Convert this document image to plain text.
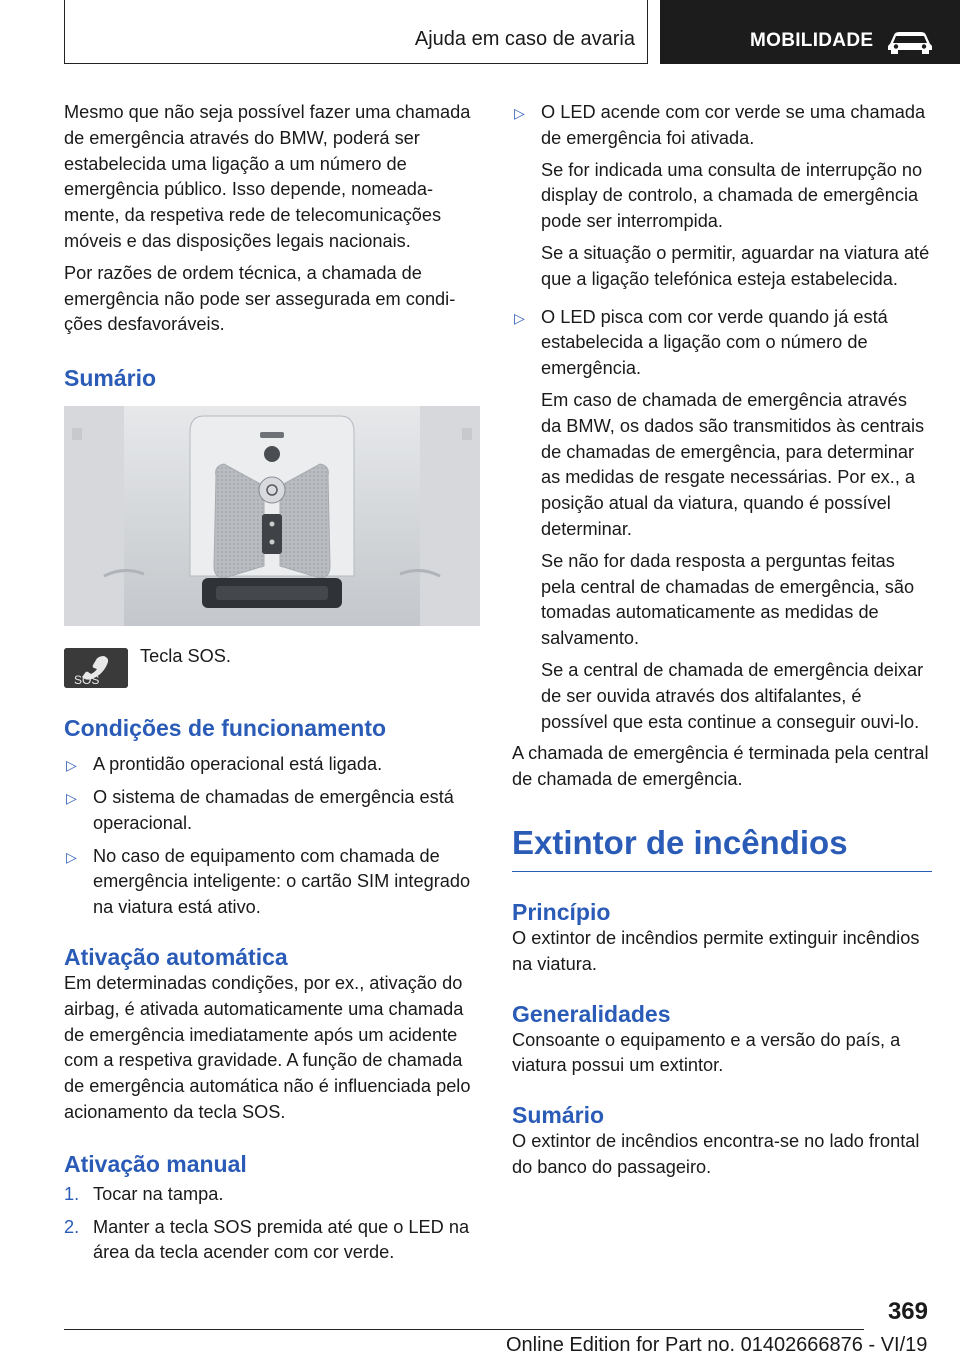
Ajuda em caso de avaria	MOBILIDADE

Mesmo que não seja possível fazer uma chamada de emergência através do BMW, poderá ser estabelecida uma ligação a um número de emergência público. Isso depende, nomeadamente, da respetiva rede de telecomunicações móveis e das disposições legais nacionais.

Por razões de ordem técnica, a chamada de emergência não pode ser assegurada em condições desfavoráveis.

Sumário
SOS
Tecla SOS.
Condições de funcionamento
▷ A prontidão operacional está ligada.
▷ O sistema de chamadas de emergência está operacional.
▷ No caso de equipamento com chamada de emergência inteligente: o cartão SIM integrado na viatura está ativo.
Ativação automática

Em determinadas condições, por ex., ativação do airbag, é ativada automaticamente uma chamada de emergência imediatamente após um acidente com a respetiva gravidade. A função de chamada de emergência automática não é influenciada pelo acionamento da tecla SOS.

Ativação manual
1. Tocar na tampa.
2. Manter a tecla SOS premida até que o LED na área da tecla acender com cor verde.
▷ O LED acende com cor verde se uma chamada de emergência foi ativada.

Se for indicada uma consulta de interrupção no display de controlo, a chamada de emergência pode ser interrompida.

Se a situação o permitir, aguardar na viatura até que a ligação telefónica esteja estabelecida.

▷ O LED pisca com cor verde quando já está estabelecida a ligação com o número de emergência.

Em caso de chamada de emergência através da BMW, os dados são transmitidos às centrais de chamadas de emergência, para determinar as medidas de resgate necessárias. Por ex., a posição atual da viatura, quando é possível determinar.

Se não for dada resposta a perguntas feitas pela central de chamadas de emergência, são tomadas automaticamente as medidas de salvamento.

Se a central de chamada de emergência deixar de ser ouvida através dos altifalantes, é possível que esta continue a conseguir ouvi-lo.

A chamada de emergência é terminada pela central de chamada de emergência.

Extintor de incêndios
Princípio

O extintor de incêndios permite extinguir incêndios na viatura.

Generalidades

Consoante o equipamento e a versão do país, a viatura possui um extintor.

Sumário

O extintor de incêndios encontra-se no lado frontal do banco do passageiro.

369
Online Edition for Part no. 01402666876 - VI/19
